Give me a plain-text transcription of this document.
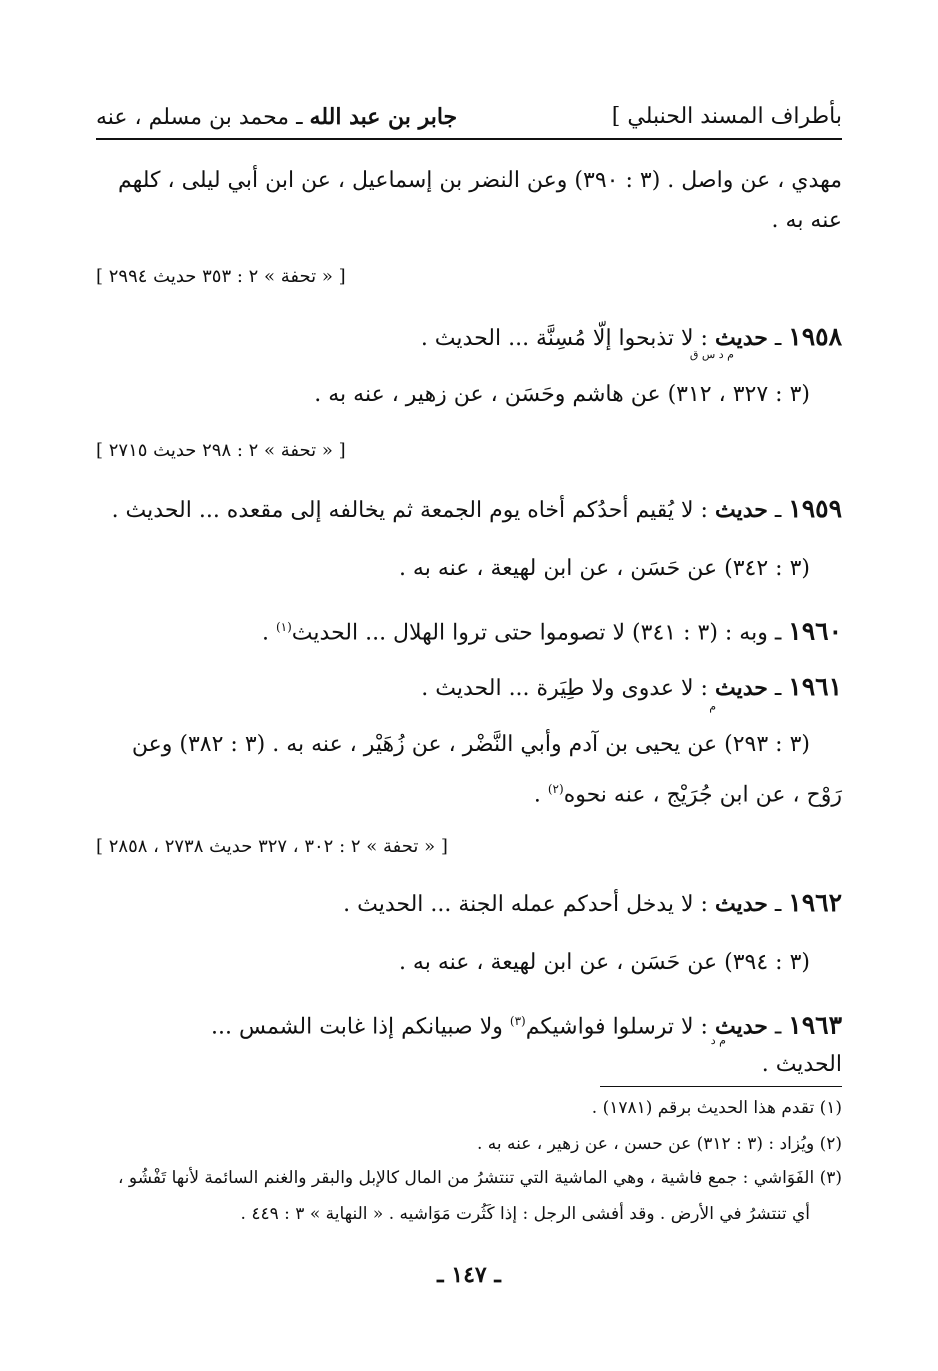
بأطراف المسند الحنبلي ]
جابر بن عبد الله ـ محمد بن مسلم ، عنه
مهدي ، عن واصل . (٣ : ٣٩٠) وعن النضر بن إسماعيل ، عن ابن أبي ليلى ، كلهم
عنه به .
[ « تحفة » ٢ : ٣٥٣ حديث ٢٩٩٤ ]
١٩٥٨ ـ حديث : لا تذبحوا إلّا مُسِنَّة ... الحديث .
م د س ق
(٣ : ٣٢٧ ، ٣١٢) عن هاشم وحَسَن ، عن زهير ، عنه به .
[ « تحفة » ٢ : ٢٩٨ حديث ٢٧١٥ ]
١٩٥٩ ـ حديث : لا يُقيم أحدُكم أخاه يوم الجمعة ثم يخالفه إلى مقعده ... الحديث .
(٣ : ٣٤٢) عن حَسَن ، عن ابن لهيعة ، عنه به .
١٩٦٠ ـ وبه : (٣ : ٣٤١) لا تصوموا حتى تروا الهلال ... الحديث$^{(١)}$ .
١٩٦١ ـ حديث : لا عدوى ولا طِيَرة ... الحديث .
م
(٣ : ٢٩٣) عن يحيى بن آدم وأبي النَّضْر ، عن زُهَيْر ، عنه به . (٣ : ٣٨٢) وعن
رَوْح ، عن ابن جُرَيْج ، عنه نحوه$^{(٢)}$ .
[ « تحفة » ٢ : ٣٠٢ ، ٣٢٧ حديث ٢٧٣٨ ، ٢٨٥٨ ]
١٩٦٢ ـ حديث : لا يدخل أحدكم عمله الجنة ... الحديث .
(٣ : ٣٩٤) عن حَسَن ، عن ابن لهيعة ، عنه به .
١٩٦٣ ـ حديث : لا ترسلوا فواشيكم$^{(٣)}$ ولا صبيانكم إذا غابت الشمس ...
م د
الحديث .
(١) تقدم هذا الحديث برقم (١٧٨١) .
(٢) ويُزاد : (٣ : ٣١٢) عن حسن ، عن زهير ، عنه به .
(٣) الفَوَاشي : جمع فاشية ، وهي الماشية التي تنتشرُ من المال كالإبل والبقر والغنم السائمة لأنها تَفْشُو ،
أي تنتشرُ في الأرض . وقد أفشى الرجل : إذا كَثُرت مَوَاشيه . « النهاية » ٣ : ٤٤٩ .
ـ ١٤٧ ـ
